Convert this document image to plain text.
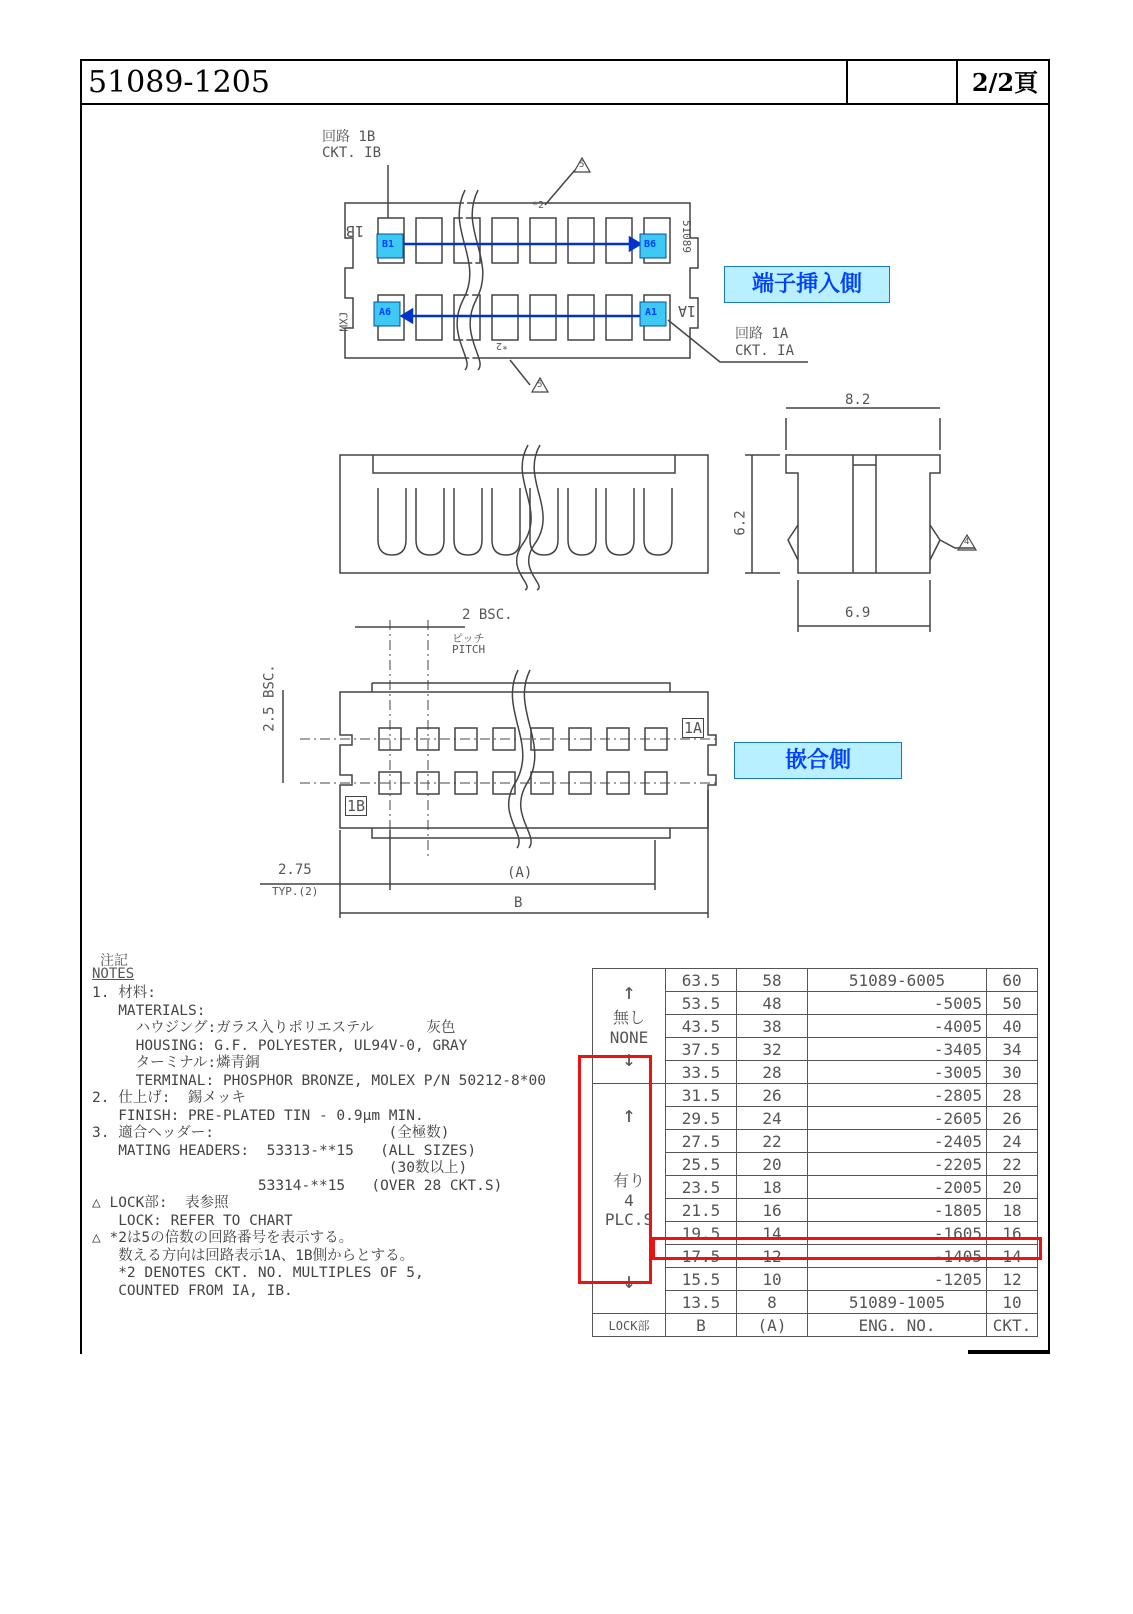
51089-1205	2/2頁
回路 1B
CKT. IB
1B
1A
51089
MXJ
B1	B6
A6	A1
*2
*2
5
5
回路 1A
CKT. IA
端子挿入側
8.2
6.2
6.9
4
2 BSC.
ピッチ
PITCH
2.5 BSC.	1A
1B
2.75
TYP.(2)
(A)
B
嵌合側
注記
NOTES
1. 材料:
MATERIALS:
ハウジング:ガラス入りポリエステル      灰色
HOUSING: G.F. POLYESTER, UL94V-0, GRAY
ターミナル:燐青銅
TERMINAL: PHOSPHOR BRONZE, MOLEX P/N 50212-8*00
2. 仕上げ:  錫メッキ
FINISH: PRE-PLATED TIN - 0.9μm MIN.
3. 適合ヘッダー:                    (全極数)
MATING HEADERS:  53313-**15   (ALL SIZES)
(30数以上)
53314-**15   (OVER 28 CKT.S)
△ LOCK部:  表参照
LOCK: REFER TO CHART
△ *2は5の倍数の回路番号を表示する。
数える方向は回路表示1A、1B側からとする。
*2 DENOTES CKT. NO. MULTIPLES OF 5,
COUNTED FROM IA, IB.
↑
無し
NONE
↓	63.5	58	51089-6005	60
	53.5	48	-5005	50
	43.5	38	-4005	40
	37.5	32	-3405	34
	33.5	28	-3005	30

↑
有り
4 PLC.S
↓	31.5	26	-2805	28
	29.5	24	-2605	26
	27.5	22	-2405	24
	25.5	20	-2205	22
	23.5	18	-2005	20
	21.5	16	-1805	18
	19.5	14	-1605	16
	17.5	12	-1405	14
	15.5	10	-1205	12
	13.5	8	51089-1005	10
LOCK部	B	(A)	ENG. NO.	CKT.
